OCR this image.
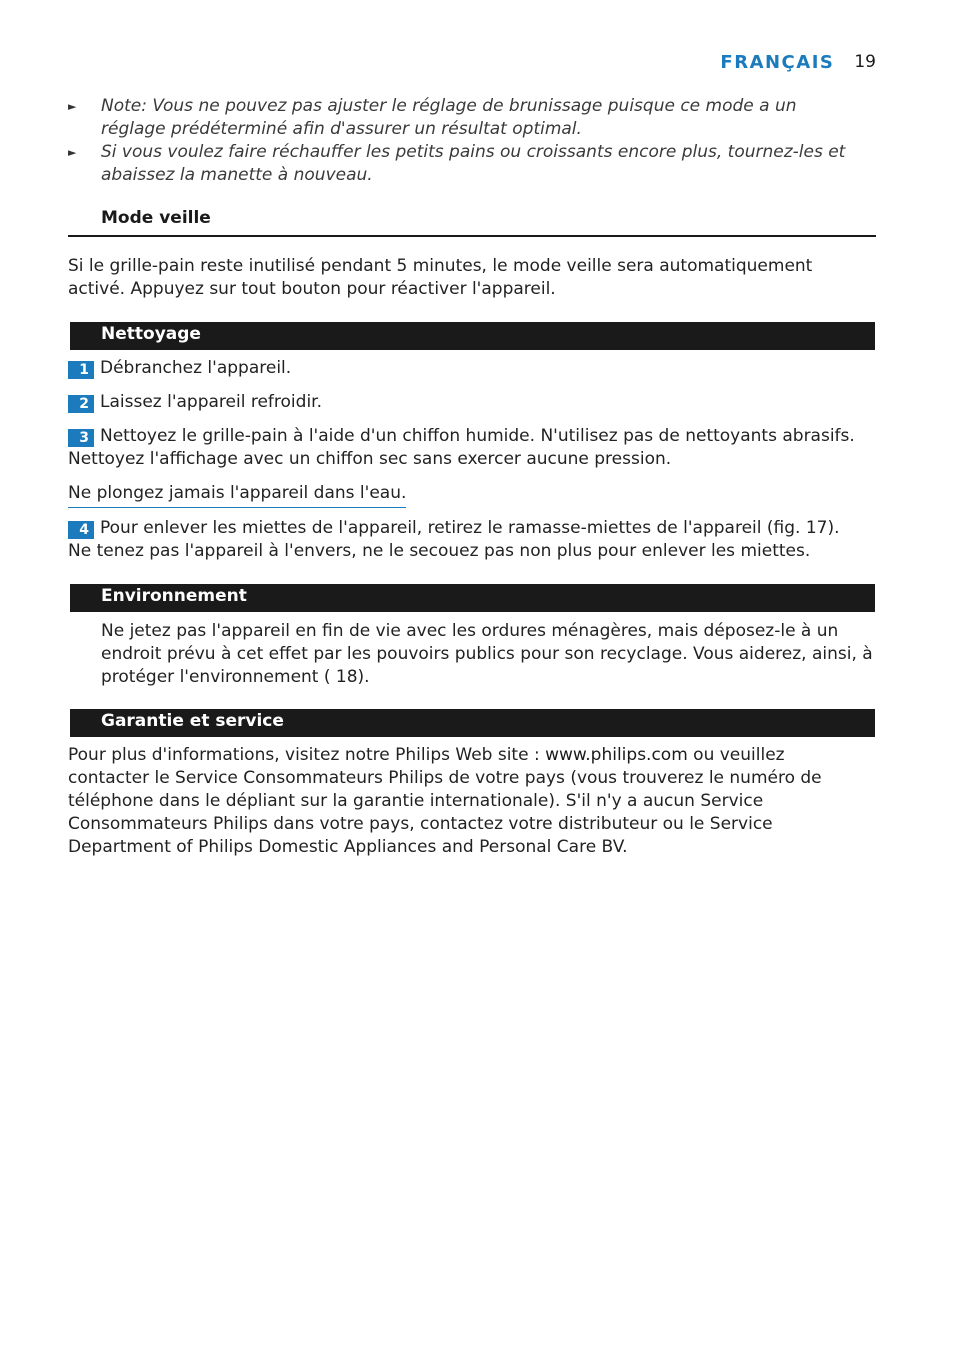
FRANÇAIS 19
► Note: Vous ne pouvez pas ajuster le réglage de brunissage puisque ce mode a un réglage prédéterminé afin d'assurer un résultat optimal.
► Si vous voulez faire réchauffer les petits pains ou croissants encore plus, tournez-les et abaissez la manette à nouveau.
Mode veille
Si le grille-pain reste inutilisé pendant 5 minutes, le mode veille sera automatiquement activé. Appuyez sur tout bouton pour réactiver l'appareil.
Nettoyage
1 Débranchez l'appareil.
2 Laissez l'appareil refroidir.
3 Nettoyez le grille-pain à l'aide d'un chiffon humide. N'utilisez pas de nettoyants abrasifs.
Nettoyez l'affichage avec un chiffon sec sans exercer aucune pression.
Ne plongez jamais l'appareil dans l'eau.
4 Pour enlever les miettes de l'appareil, retirez le ramasse-miettes de l'appareil (fig. 17).
Ne tenez pas l'appareil à l'envers, ne le secouez pas non plus pour enlever les miettes.
Environnement
Ne jetez pas l'appareil en fin de vie avec les ordures ménagères, mais déposez-le à un endroit prévu à cet effet par les pouvoirs publics pour son recyclage. Vous aiderez, ainsi, à protéger l'environnement ( 18).
Garantie et service
Pour plus d'informations, visitez notre Philips Web site : www.philips.com ou veuillez contacter le Service Consommateurs Philips de votre pays (vous trouverez le numéro de téléphone dans le dépliant sur la garantie internationale). S'il n'y a aucun Service Consommateurs Philips dans votre pays, contactez votre distributeur ou le Service Department of Philips Domestic Appliances and Personal Care BV.
